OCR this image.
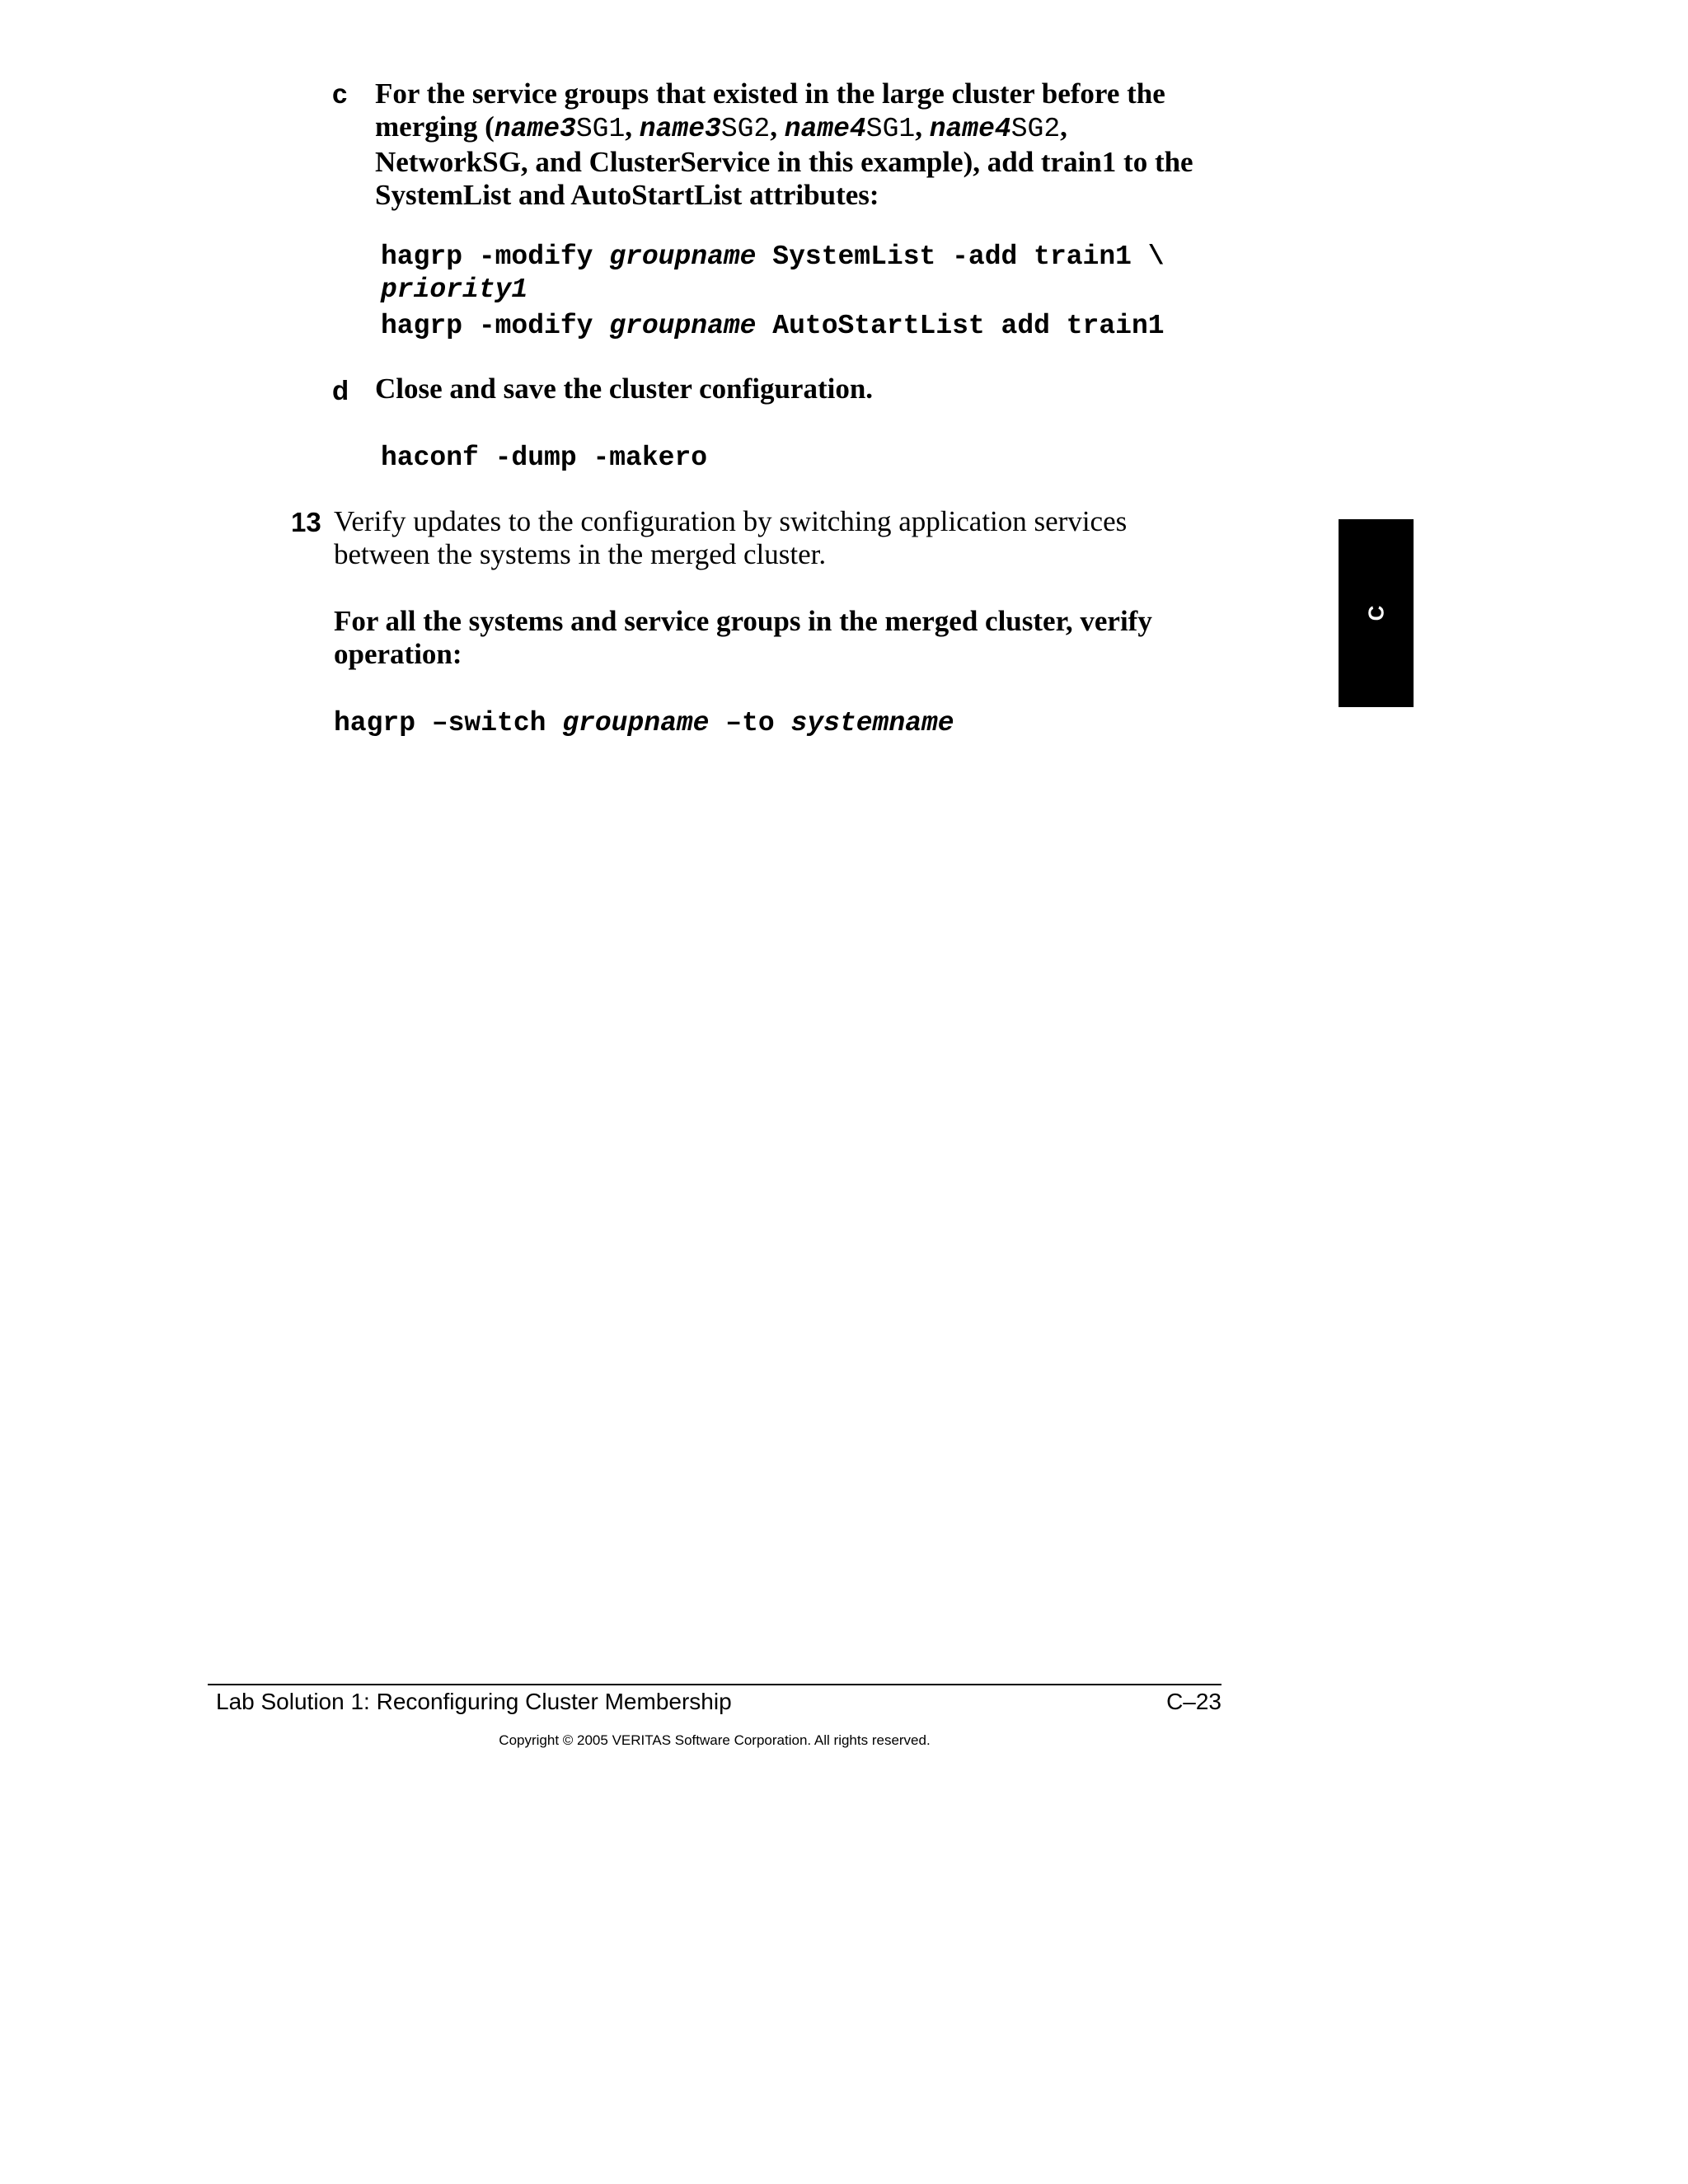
c For the service groups that existed in the large cluster before the merging (name3SG1, name3SG2, name4SG1, name4SG2, NetworkSG, and ClusterService in this example), add train1 to the SystemList and AutoStartList attributes:

hagrp -modify groupname SystemList -add train1 \
priority1
hagrp -modify groupname AutoStartList add train1
d Close and save the cluster configuration.

haconf -dump -makero
13 Verify updates to the configuration by switching application services between the systems in the merged cluster.

For all the systems and service groups in the merged cluster, verify operation:

hagrp –switch groupname –to systemname
C
Lab Solution 1: Reconfiguring Cluster Membership	C–23
Copyright © 2005 VERITAS Software Corporation. All rights reserved.
